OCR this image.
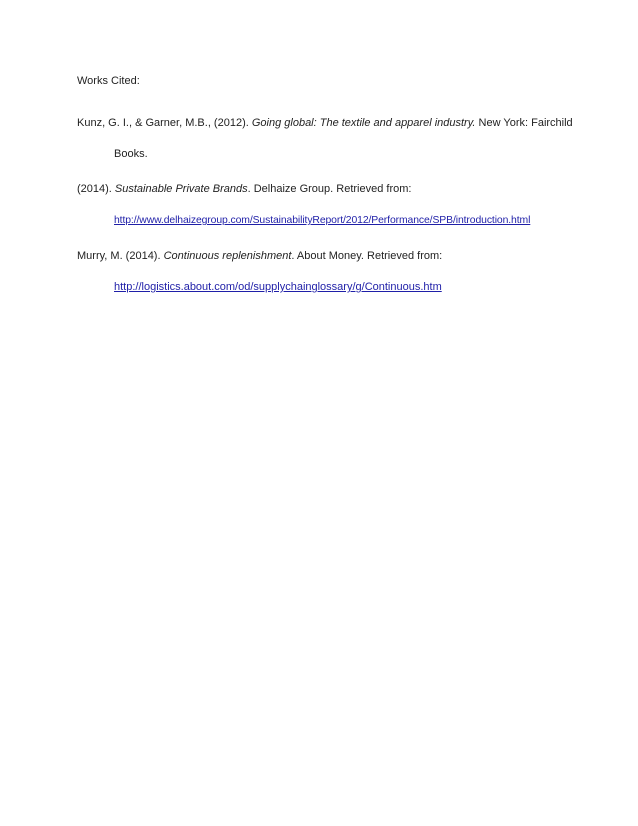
Works Cited:
Kunz, G. I., & Garner, M.B., (2012). Going global: The textile and apparel industry. New York: Fairchild
Books.
(2014). Sustainable Private Brands. Delhaize Group. Retrieved from:
http://www.delhaizegroup.com/SustainabilityReport/2012/Performance/SPB/introduction.html
Murry, M. (2014). Continuous replenishment. About Money. Retrieved from:
http://logistics.about.com/od/supplychainglossary/g/Continuous.htm
